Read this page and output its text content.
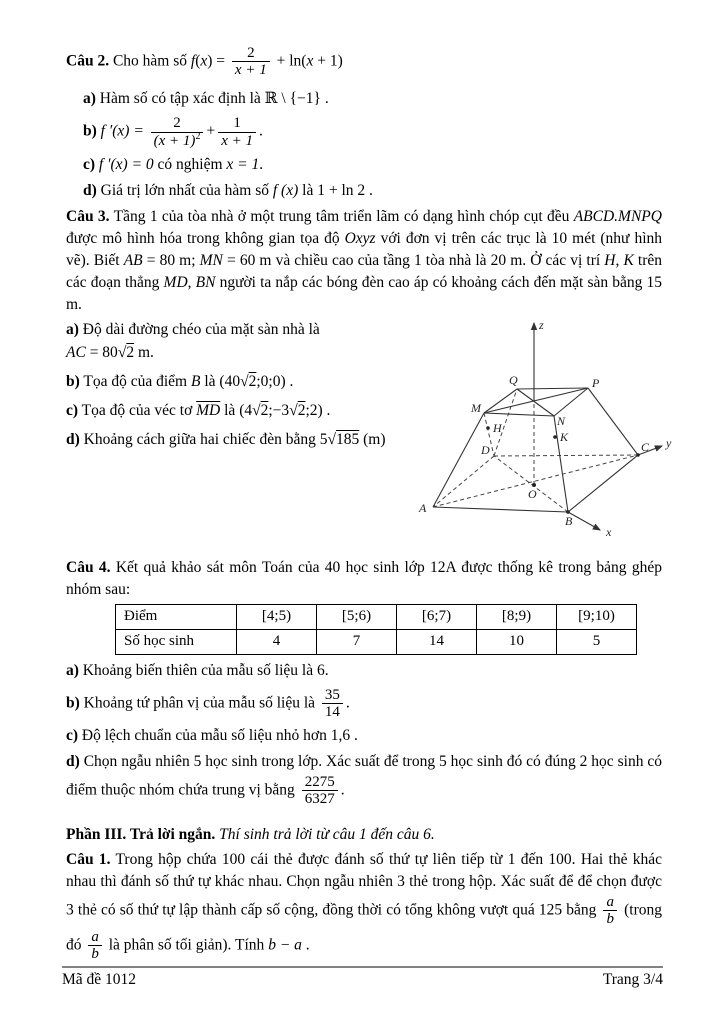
Câu 2. Cho hàm số $f(x) = \frac{2}{x + 1} + \ln(x + 1)$

a) Hàm số có tập xác định là ℝ \ {−1} .

b) f $'(x) = \frac{2}{(x + 1)^2} + \frac{1}{x + 1}$ .

c) f ′(x) = 0 có nghiệm x = 1.

d) Giá trị lớn nhất của hàm số f (x) là 1 + ln 2 .

Câu 3. Tầng 1 của tòa nhà ở một trung tâm triển lãm có dạng hình chóp cụt đều ABCD.MNPQ được mô hình hóa trong không gian tọa độ Oxyz với đơn vị trên các trục là 10 mét (như hình vẽ). Biết AB = 80 m; MN = 60 m và chiều cao của tầng 1 tòa nhà là 20 m. Ở các vị trí H, K trên các đoạn thẳng MD, BN người ta nắp các bóng đèn cao áp có khoảng cách đến mặt sàn bằng 15 m.

a) Độ dài đường chéo của mặt sàn nhà là

AC = 80√2 m.

b) Tọa độ của điểm B là (40√2;0;0) .

c) Tọa độ của véc tơ $\overline{MD}$ là (4√2;−3√2;2) .

d) Khoảng cách giữa hai chiếc đèn bằng 5√185 (m)

z
x
y
O
A
B
C
D
M
N
P
Q
H
K

Câu 4. Kết quả khảo sát môn Toán của 40 học sinh lớp 12A được thống kê trong bảng ghép nhóm sau:

Điểm	[4;5)	[5;6)	[6;7)	[8;9)	[9;10)
Số học sinh	4	7	14	10	5

a) Khoảng biến thiên của mẫu số liệu là 6.

b) Khoảng tứ phân vị của mẫu số liệu là $\frac{35}{14}$ .

c) Độ lệch chuẩn của mẫu số liệu nhỏ hơn 1,6 .

d) Chọn ngẫu nhiên 5 học sinh trong lớp. Xác suất để trong 5 học sinh đó có đúng 2 học sinh có điểm thuộc nhóm chứa trung vị bằng $\frac{2275}{6327}$ .

Phần III. Trả lời ngắn. Thí sinh trả lời từ câu 1 đến câu 6.

Câu 1. Trong hộp chứa 100 cái thẻ được đánh số thứ tự liên tiếp từ 1 đến 100. Hai thẻ khác nhau thì đánh số thứ tự khác nhau. Chọn ngẫu nhiên 3 thẻ trong hộp. Xác suất để để chọn được 3 thẻ có số thứ tự lập thành cấp số cộng, đồng thời có tổng không vượt quá 125 bằng $\frac{a}{b}$ (trong đó $\frac{a}{b}$ là phân số tối giản). Tính b − a .

Mã đề 1012	Trang 3/4
